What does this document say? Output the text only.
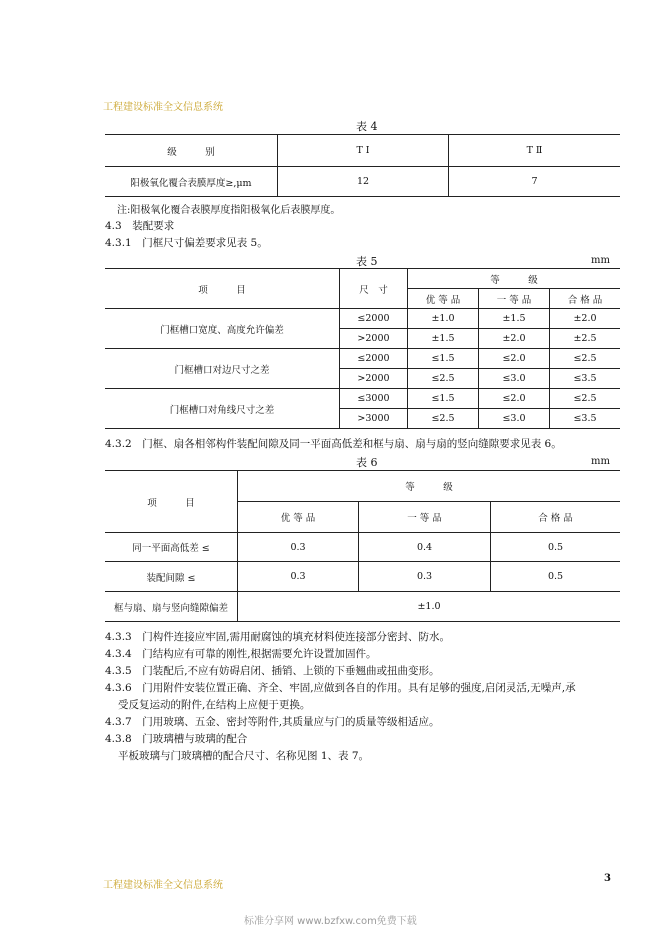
工程建设标准全文信息系统
表 4
级　　　别	T Ⅰ	T Ⅱ
阳极氧化覆合表膜厚度≥,μm	12	7
注:阳极氧化覆合表膜厚度指阳极氧化后表膜厚度。
4.3　装配要求
4.3.1　门框尺寸偏差要求见表 5。
表 5	mm
项　　　目	尺　寸	等　　　级		
		优 等 品	一 等 品	合 格 品
门框槽口宽度、高度允许偏差	≤2000	±1.0	±1.5	±2.0
	>2000	±1.5	±2.0	±2.5
门框槽口对边尺寸之差	≤2000	≤1.5	≤2.0	≤2.5
	>2000	≤2.5	≤3.0	≤3.5
门框槽口对角线尺寸之差	≤3000	≤1.5	≤2.0	≤2.5
	>3000	≤2.5	≤3.0	≤3.5
4.3.2　门框、扇各相邻构件装配间隙及同一平面高低差和框与扇、扇与扇的竖向缝隙要求见表 6。
表 6	mm
项　　　目	等　　　级		
	优 等 品	一 等 品	合 格 品
同一平面高低差 ≤	0.3	0.4	0.5
装配间隙 ≤	0.3	0.3	0.5
框与扇、扇与竖向缝隙偏差	±1.0		
4.3.3　门构件连接应牢固,需用耐腐蚀的填充材料使连接部分密封、防水。
4.3.4　门结构应有可靠的刚性,根据需要允许设置加固件。
4.3.5　门装配后,不应有妨碍启闭、插销、上锁的下垂翘曲或扭曲变形。
4.3.6　门用附件安装位置正确、齐全、牢固,应做到各自的作用。具有足够的强度,启闭灵活,无噪声,承
受反复运动的附件,在结构上应便于更换。
4.3.7　门用玻璃、五金、密封等附件,其质量应与门的质量等级相适应。
4.3.8　门玻璃槽与玻璃的配合
平板玻璃与门玻璃槽的配合尺寸、名称见图 1、表 7。
工程建设标准全文信息系统
3
标准分享网 www.bzfxw.com免费下载
